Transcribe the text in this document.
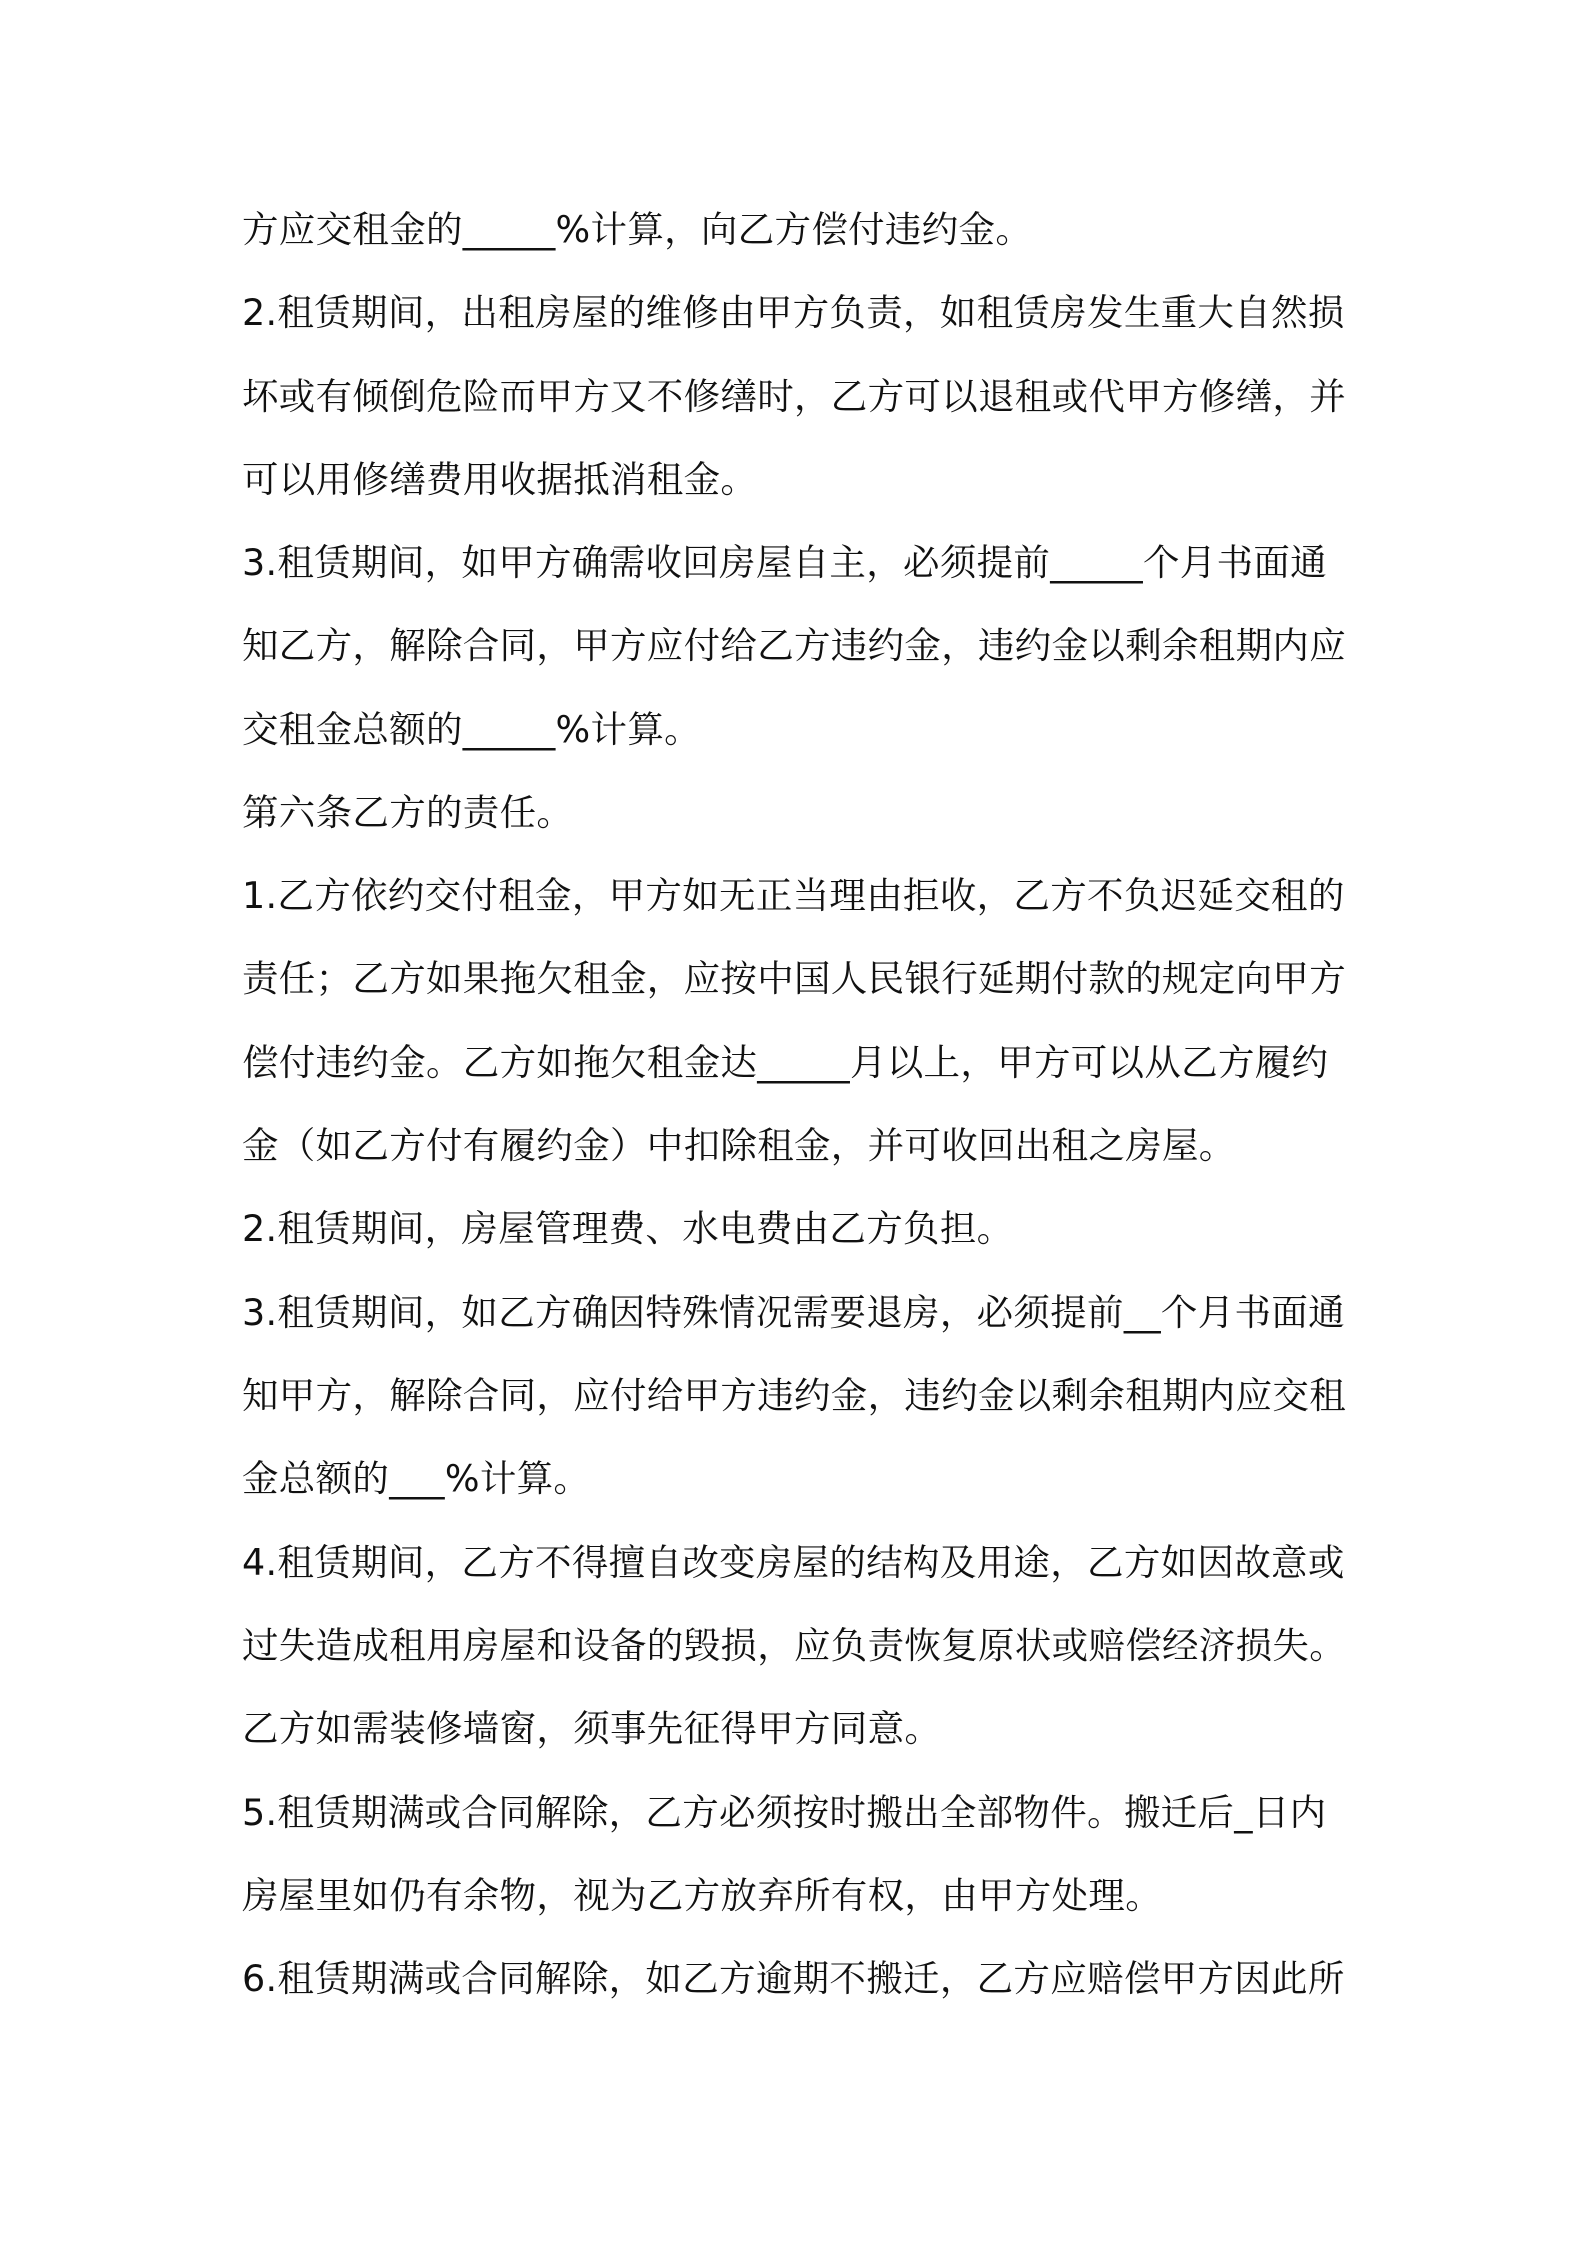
方应交租金的_____%计算，向乙方偿付违约金。
2.租赁期间，出租房屋的维修由甲方负责，如租赁房发生重大自然损
坏或有倾倒危险而甲方又不修缮时，乙方可以退租或代甲方修缮，并
可以用修缮费用收据抵消租金。
3.租赁期间，如甲方确需收回房屋自主，必须提前_____个月书面通
知乙方，解除合同，甲方应付给乙方违约金，违约金以剩余租期内应
交租金总额的_____%计算。
第六条乙方的责任。
1.乙方依约交付租金，甲方如无正当理由拒收，乙方不负迟延交租的
责任；乙方如果拖欠租金，应按中国人民银行延期付款的规定向甲方
偿付违约金。乙方如拖欠租金达_____月以上，甲方可以从乙方履约
金（如乙方付有履约金）中扣除租金，并可收回出租之房屋。
2.租赁期间，房屋管理费、水电费由乙方负担。
3.租赁期间，如乙方确因特殊情况需要退房，必须提前__个月书面通
知甲方，解除合同，应付给甲方违约金，违约金以剩余租期内应交租
金总额的___%计算。
4.租赁期间，乙方不得擅自改变房屋的结构及用途，乙方如因故意或
过失造成租用房屋和设备的毁损，应负责恢复原状或赔偿经济损失。
乙方如需装修墙窗，须事先征得甲方同意。
5.租赁期满或合同解除，乙方必须按时搬出全部物件。搬迁后_日内
房屋里如仍有余物，视为乙方放弃所有权，由甲方处理。
6.租赁期满或合同解除，如乙方逾期不搬迁，乙方应赔偿甲方因此所
